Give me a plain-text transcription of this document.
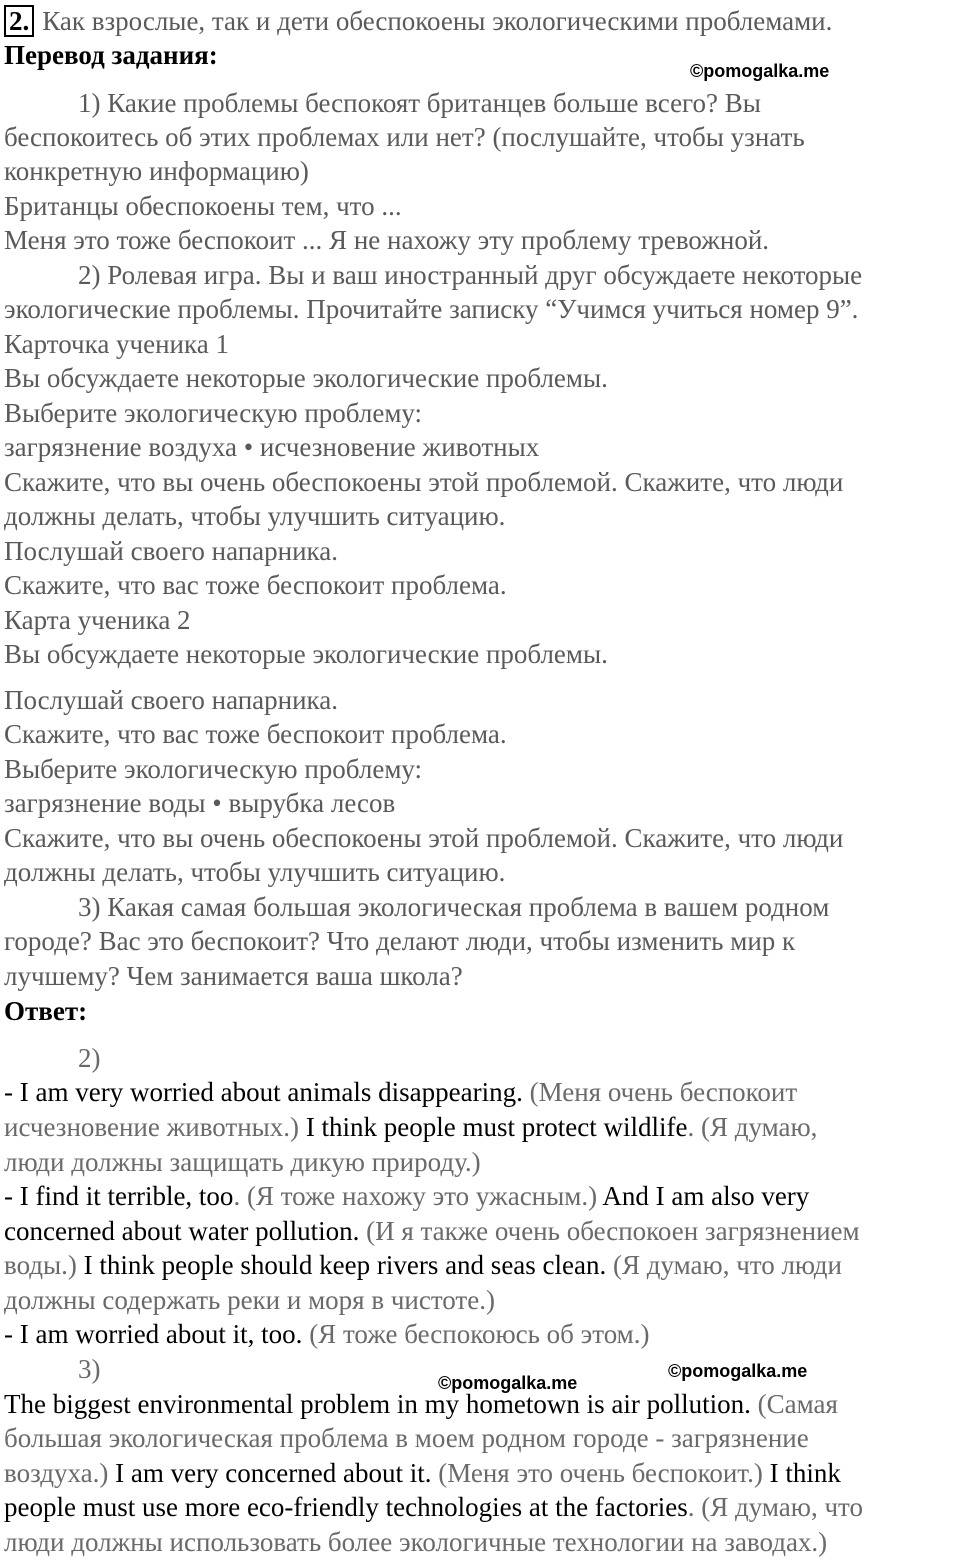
2. Как взрослые, так и дети обеспокоены экологическими проблемами.
Перевод задания:
©pomogalka.me
1) Какие проблемы беспокоят британцев больше всего? Вы
беспокоитесь об этих проблемах или нет? (послушайте, чтобы узнать
конкретную информацию)
Британцы обеспокоены тем, что ...
Меня это тоже беспокоит ... Я не нахожу эту проблему тревожной.
2) Ролевая игра. Вы и ваш иностранный друг обсуждаете некоторые
экологические проблемы. Прочитайте записку “Учимся учиться номер 9”.
Карточка ученика 1
Вы обсуждаете некоторые экологические проблемы.
Выберите экологическую проблему:
загрязнение воздуха • исчезновение животных
Скажите, что вы очень обеспокоены этой проблемой. Скажите, что люди
должны делать, чтобы улучшить ситуацию.
Послушай своего напарника.
Скажите, что вас тоже беспокоит проблема.
Карта ученика 2
Вы обсуждаете некоторые экологические проблемы.
Послушай своего напарника.
Скажите, что вас тоже беспокоит проблема.
Выберите экологическую проблему:
загрязнение воды • вырубка лесов
Скажите, что вы очень обеспокоены этой проблемой. Скажите, что люди
должны делать, чтобы улучшить ситуацию.
3) Какая самая большая экологическая проблема в вашем родном
городе? Вас это беспокоит? Что делают люди, чтобы изменить мир к
лучшему? Чем занимается ваша школа?
Ответ:
2)
- I am very worried about animals disappearing. (Меня очень беспокоит
исчезновение животных.) I think people must protect wildlife. (Я думаю,
люди должны защищать дикую природу.)
- I find it terrible, too. (Я тоже нахожу это ужасным.) And I am also very
concerned about water pollution. (И я также очень обеспокоен загрязнением
воды.) I think people should keep rivers and seas clean. (Я думаю, что люди
должны содержать реки и моря в чистоте.)
- I am worried about it, too. (Я тоже беспокоюсь об этом.)
3)
The biggest environmental problem in my hometown is air pollution. (Самая
большая экологическая проблема в моем родном городе - загрязнение
воздуха.) I am very concerned about it. (Меня это очень беспокоит.) I think
people must use more eco-friendly technologies at the factories. (Я думаю, что
люди должны использовать более экологичные технологии на заводах.)
©pomogalka.me
©pomogalka.me
